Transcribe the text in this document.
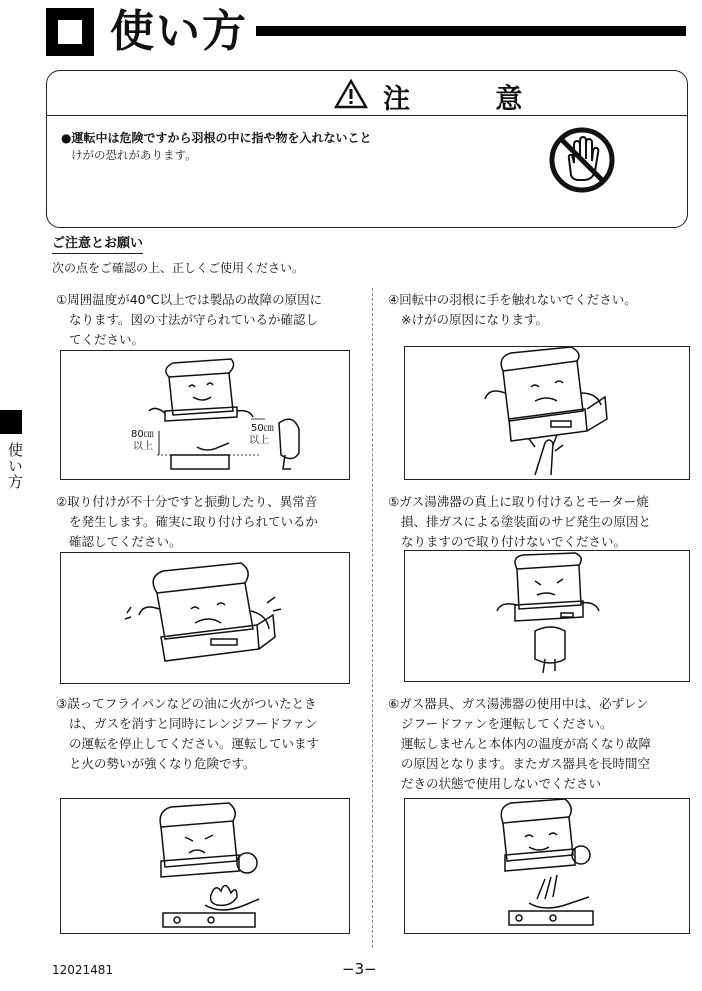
使い方
注 意
●運転中は危険ですから羽根の中に指や物を入れないこと
けがの恐れがあります。
ご注意とお願い
次の点をご確認の上、正しくご使用ください。
①周囲温度が40℃以上では製品の故障の原因に
なります。図の寸法が守られているか確認し
てください。
80㎝
以上
50㎝
以上
②取り付けが不十分ですと振動したり、異常音
を発生します。確実に取り付けられているか
確認してください。
③誤ってフライパンなどの油に火がついたとき
は、ガスを消すと同時にレンジフードファン
の運転を停止してください。運転しています
と火の勢いが強くなり危険です。
④回転中の羽根に手を触れないでください。
※けがの原因になります。
⑤ガス湯沸器の真上に取り付けるとモーター焼
損、排ガスによる塗装面のサビ発生の原因と
なりますので取り付けないでください。
⑥ガス器具、ガス湯沸器の使用中は、必ずレン
ジフードファンを運転してください。
運転しませんと本体内の温度が高くなり故障
の原因となります。またガス器具を長時間空
だきの状態で使用しないでください
使い方
12021481	−3−
